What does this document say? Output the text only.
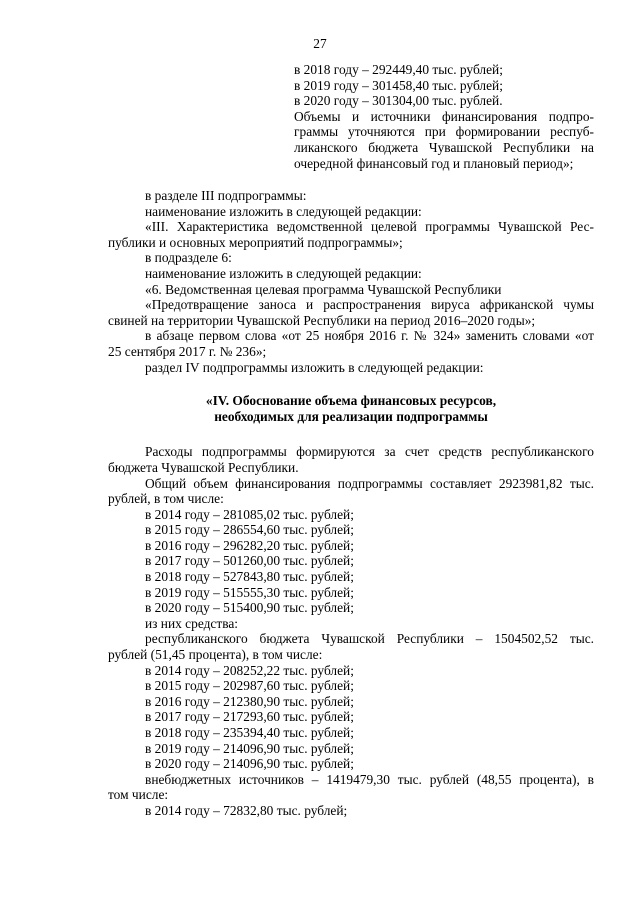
27
в 2018 году – 292449,40 тыс. рублей;
в 2019 году – 301458,40 тыс. рублей;
в 2020 году – 301304,00 тыс. рублей.
Объемы и источники финансирования подпро-
граммы уточняются при формировании респуб-
ликанского бюджета Чувашской Республики на
очередной финансовый год и плановый период»;
в разделе III подпрограммы:
наименование изложить в следующей редакции:
«III. Характеристика ведомственной целевой программы Чувашской Рес-
публики и основных мероприятий подпрограммы»;
в подразделе 6:
наименование изложить в следующей редакции:
«6. Ведомственная целевая программа Чувашской Республики
«Предотвращение заноса и распространения вируса африканской чумы
свиней на территории Чувашской Республики на период 2016–2020 годы»;
в абзаце первом слова «от 25 ноября 2016 г. № 324» заменить словами «от
25 сентября 2017 г. № 236»;
раздел IV подпрограммы изложить в следующей редакции:
«IV. Обоснование объема финансовых ресурсов,
необходимых для реализации подпрограммы
Расходы подпрограммы формируются за счет средств республиканского
бюджета Чувашской Республики.
Общий объем финансирования подпрограммы составляет 2923981,82 тыс.
рублей, в том числе:
в 2014 году – 281085,02 тыс. рублей;
в 2015 году – 286554,60 тыс. рублей;
в 2016 году – 296282,20 тыс. рублей;
в 2017 году – 501260,00 тыс. рублей;
в 2018 году – 527843,80 тыс. рублей;
в 2019 году – 515555,30 тыс. рублей;
в 2020 году – 515400,90 тыс. рублей;
из них средства:
республиканского бюджета Чувашской Республики – 1504502,52 тыс.
рублей (51,45 процента), в том числе:
в 2014 году – 208252,22 тыс. рублей;
в 2015 году – 202987,60 тыс. рублей;
в 2016 году – 212380,90 тыс. рублей;
в 2017 году – 217293,60 тыс. рублей;
в 2018 году – 235394,40 тыс. рублей;
в 2019 году – 214096,90 тыс. рублей;
в 2020 году – 214096,90 тыс. рублей;
внебюджетных источников – 1419479,30 тыс. рублей (48,55 процента), в
том числе:
в 2014 году – 72832,80 тыс. рублей;
